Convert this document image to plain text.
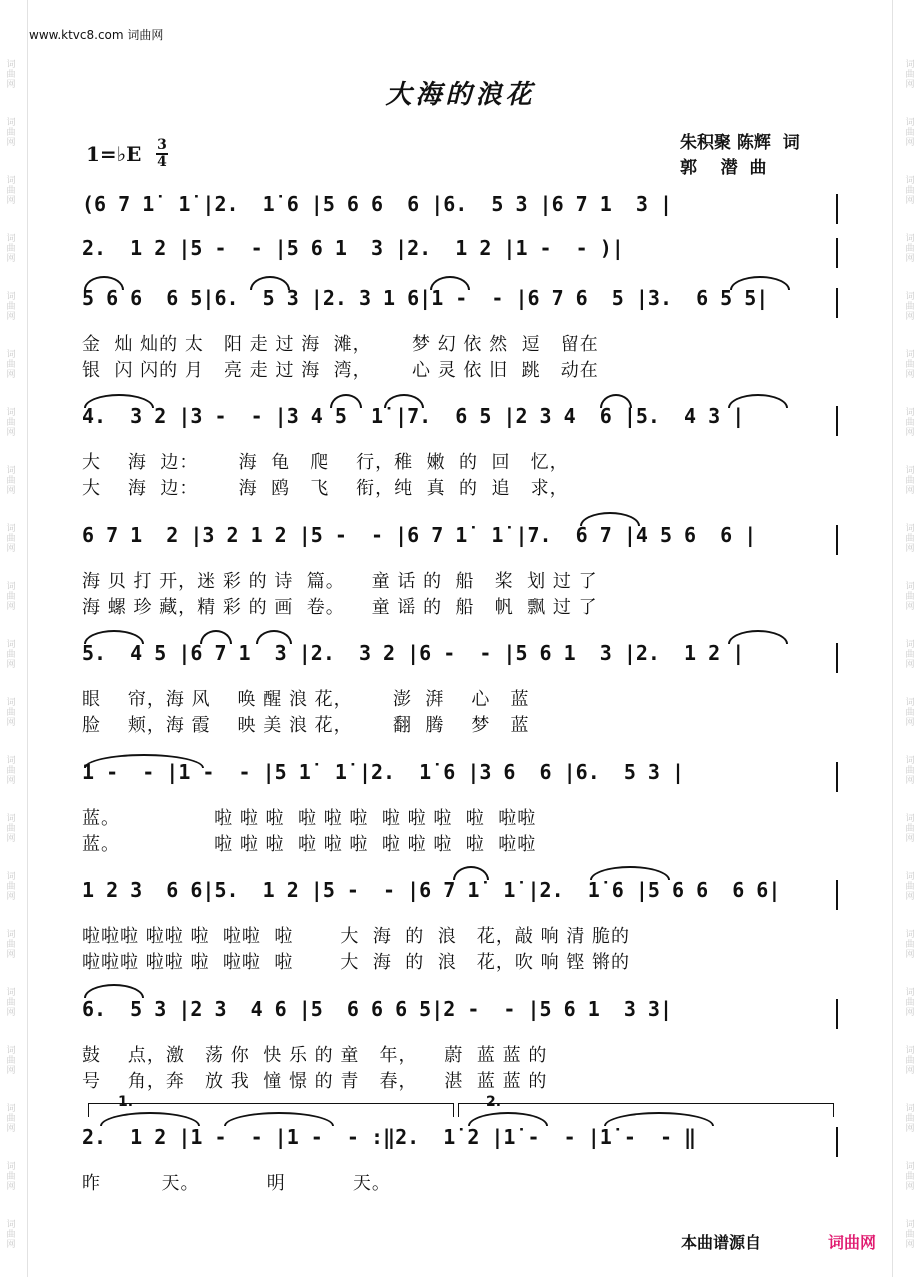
词
曲
网
词
曲
网
词
曲
网
词
曲
网
词
曲
网
词
曲
网
词
曲
网
词
曲
网
词
曲
网
词
曲
网
词
曲
网
词
曲
网
词
曲
网
词
曲
网
词
曲
网
词
曲
网
词
曲
网
词
曲
网
词
曲
网
词
曲
网
词
曲
网
词
曲
网
词
曲
网
词
曲
网
词
曲
网
词
曲
网
词
曲
网
词
曲
网
词
曲
网
词
曲
网
词
曲
网
词
曲
网
词
曲
网
词
曲
网
词
曲
网
词
曲
网
词
曲
网
词
曲
网
词
曲
网
词
曲
网
词
曲
网
词
曲
网
www.ktvc8.com 词曲网
大海的浪花
1=♭E 3
4
朱积聚 陈辉  词
郭    潜  曲
(6 7 1̇  1̇ |2.  1̇ 6 |5 6 6  6 |6.  5 3 |6 7 1  3 |
2.  1 2 |5 -  - |5 6 1  3 |2.  1 2 |1 -  - )|
5 6 6  6 5|6.  5 3 |2. 3 1 6|1 -  - |6 7 6  5 |3.  6 5 5|
金  灿 灿的 太   阳 走 过 海  滩，      梦 幻 依 然  逗   留在
银  闪 闪的 月   亮 走 过 海  湾，      心 灵 依 旧  跳   动在
4.  3 2 |3 -  - |3 4 5  1̇ |7.  6 5 |2 3 4  6 |5.  4 3 |
大    海  边：      海  龟   爬    行，稚  嫩  的  回   忆，
大    海  边：      海  鸥   飞    衔，纯  真  的  追   求，
6 7 1  2 |3 2 1 2 |5 -  - |6 7 1̇  1̇ |7.  6 7 |4 5 6  6 |
海 贝 打 开，迷 彩 的 诗  篇。    童 话 的  船   桨  划 过 了
海 螺 珍 藏，精 彩 的 画  卷。    童 谣 的  船   帆  飘 过 了
5.  4 5 |6 7 1  3 |2.  3 2 |6 -  - |5 6 1  3 |2.  1 2 |
眼    帘，海 风    唤 醒 浪 花，      澎  湃    心   蓝
脸    颊，海 霞    映 美 浪 花，      翻  腾    梦   蓝
1 -  - |1 -  - |5 1̇  1̇ |2.  1̇ 6 |3 6  6 |6.  5 3 |
蓝。              啦 啦 啦  啦 啦 啦  啦 啦 啦  啦  啦啦
蓝。              啦 啦 啦  啦 啦 啦  啦 啦 啦  啦  啦啦
1 2 3  6 6|5.  1 2 |5 -  - |6 7 1̇  1̇ |2.  1̇ 6 |5 6 6  6 6|
啦啦啦 啦啦 啦  啦啦  啦       大  海  的  浪   花，敲 响 清 脆的
啦啦啦 啦啦 啦  啦啦  啦       大  海  的  浪   花，吹 响 铿 锵的
6.  5 3 |2 3  4 6 |5  6 6 6 5|2 -  - |5 6 1  3 3|
鼓    点，激   荡 你  快 乐 的 童   年，    蔚  蓝 蓝 的
号    角，奔   放 我  憧 憬 的 青   春，    湛  蓝 蓝 的
2.  1 2 |1 -  - |1 -  - :‖2.  1̇ 2 |1̇ -  - |1̇ -  - ‖
昨         天。          明          天。
1.	2.
本曲谱源自	词曲网
